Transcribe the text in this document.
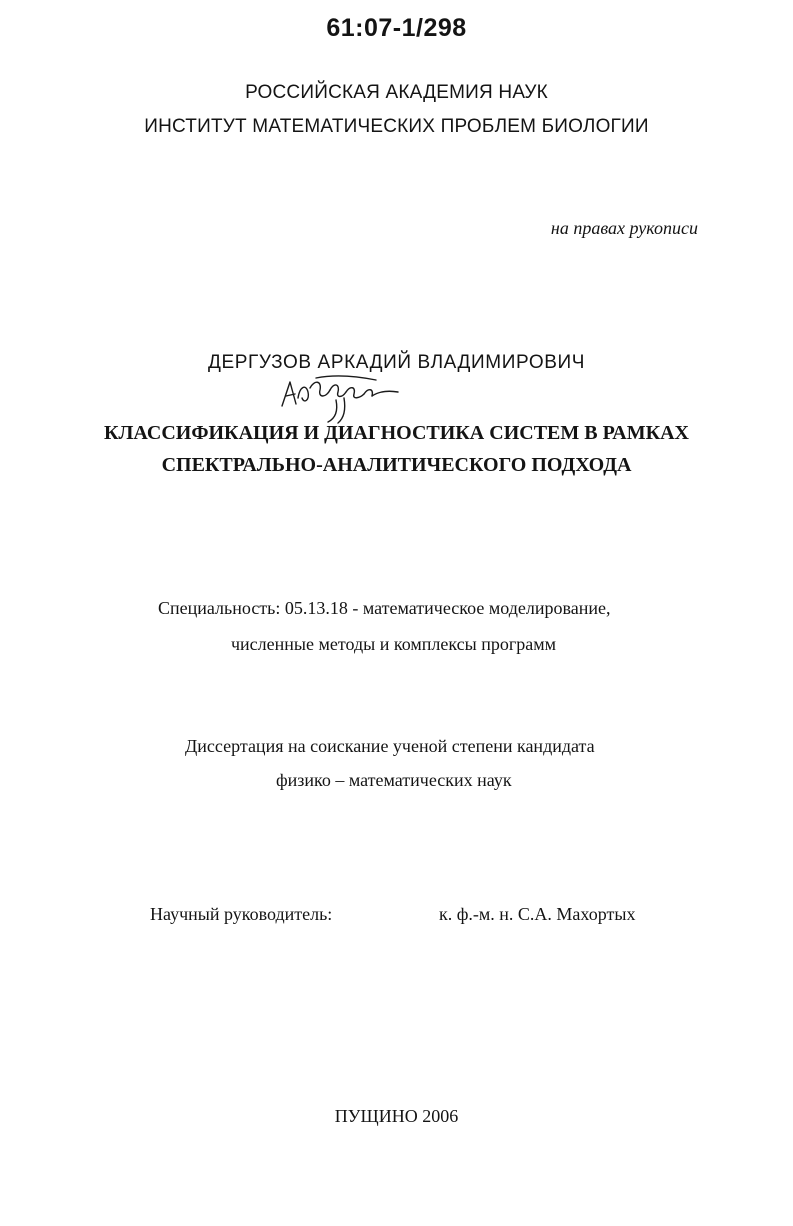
61:07-1/298
РОССИЙСКАЯ АКАДЕМИЯ НАУК
ИНСТИТУТ МАТЕМАТИЧЕСКИХ ПРОБЛЕМ БИОЛОГИИ
на правах рукописи
ДЕРГУЗОВ АРКАДИЙ ВЛАДИМИРОВИЧ
КЛАССИФИКАЦИЯ И ДИАГНОСТИКА СИСТЕМ В РАМКАХ
СПЕКТРАЛЬНО-АНАЛИТИЧЕСКОГО ПОДХОДА
Специальность: 05.13.18 - математическое моделирование,
численные методы и комплексы программ
Диссертация на соискание ученой степени кандидата
физико – математических наук
Научный руководитель:	к. ф.-м. н. С.А. Махортых
ПУЩИНО 2006
